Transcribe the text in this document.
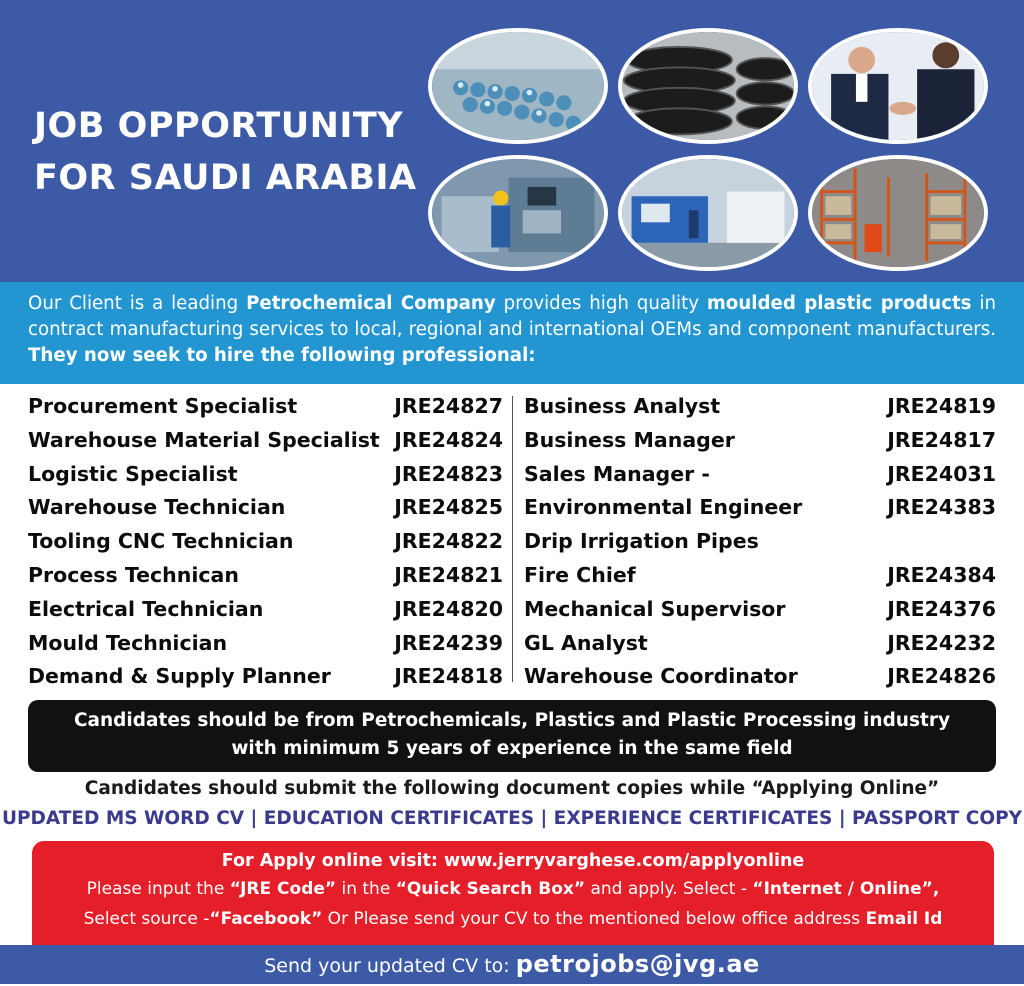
JOB OPPORTUNITY
FOR SAUDI ARABIA
Our Client is a leading Petrochemical Company provides high quality moulded plastic products in contract manufacturing services to local, regional and international OEMs and component manufacturers. They now seek to hire the following professional:
Procurement Specialist	JRE24827
Warehouse Material Specialist JRE24824
Logistic Specialist	JRE24823
Warehouse Technician	JRE24825
Tooling CNC Technician	JRE24822
Process Technican	JRE24821
Electrical Technician	JRE24820
Mould Technician	JRE24239
Demand & Supply Planner	JRE24818
Business Analyst	JRE24819
Business Manager	JRE24817
Sales Manager -	JRE24031
Environmental Engineer	JRE24383
Drip Irrigation Pipes
Fire Chief	JRE24384
Mechanical Supervisor	JRE24376
GL Analyst	JRE24232
Warehouse Coordinator	JRE24826
Candidates should be from Petrochemicals, Plastics and Plastic Processing industry
with minimum 5 years of experience in the same field
Candidates should submit the following document copies while “Applying Online”
UPDATED MS WORD CV | EDUCATION CERTIFICATES | EXPERIENCE CERTIFICATES | PASSPORT COPY
For Apply online visit: www.jerryvarghese.com/applyonline
Please input the “JRE Code” in the “Quick Search Box” and apply. Select - “Internet / Online”,
Select source -“Facebook” Or Please send your CV to the mentioned below office address Email Id
Send your updated CV to: petrojobs@jvg.ae
